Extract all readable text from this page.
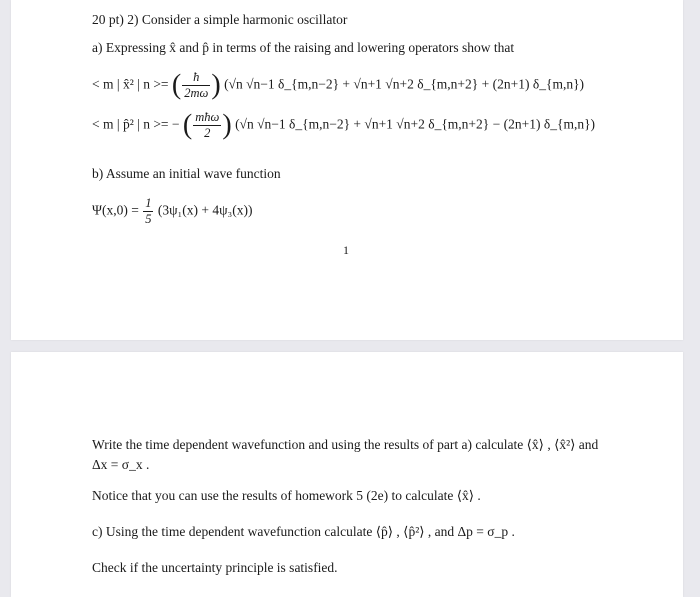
20 pt) 2) Consider a simple harmonic oscillator
a) Expressing x̂ and p̂ in terms of the raising and lowering operators show that
< m | x̂² | n >= ( $\frac{ħ}{2m\omega}$ ) (√n √n−1 δ_{m,n−2} + √n+1 √n+2 δ_{m,n+2} + (2n+1) δ_{m,n})
< m | p̂² | n >= − ( $\frac{\text{mħω}}{2}$ ) (√n √n−1 δ_{m,n−2} + √n+1 √n+2 δ_{m,n+2} − (2n+1) δ_{m,n})
b) Assume an initial wave function
$\Psi(x,0) = \frac{1}{5} (3\psi_1(x) + 4\psi_3(x))$
1
Write the time dependent wavefunction and using the results of part a) calculate ⟨x̂⟩ , ⟨x̂²⟩ and
Δx = σ_x .
Notice that you can use the results of homework 5 (2e) to calculate ⟨x̂⟩ .
c) Using the time dependent wavefunction calculate ⟨p̂⟩ , ⟨p̂²⟩ , and Δp = σ_p .
Check if the uncertainty principle is satisfied.
